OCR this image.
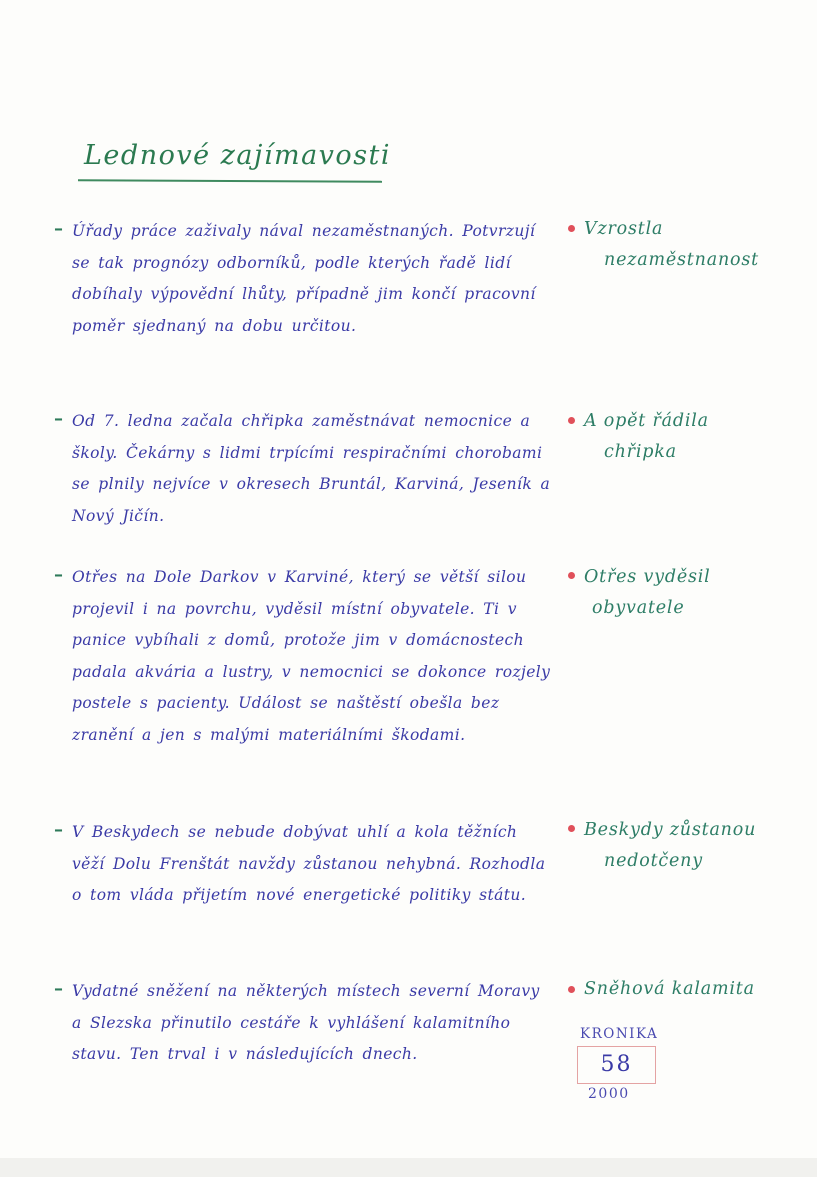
Lednové zajímavosti
– Úřady práce zaživaly nával nezaměstnaných. Potvrzují se tak prognózy odborníků, podle kterých řadě lidí dobíhaly výpovědní lhůty, případně jim končí pracovní poměr sjednaný na dobu určitou.
Vzrostla
nezaměstnanost
– Od 7. ledna začala chřipka zaměstnávat nemocnice a školy. Čekárny s lidmi trpícími respiračními chorobami se plnily nejvíce v okresech Bruntál, Karviná, Jeseník a Nový Jičín.
A opět řádila
chřipka
– Otřes na Dole Darkov v Karviné, který se větší silou projevil i na povrchu, vyděsil místní obyvatele. Ti v panice vybíhali z domů, protože jim v domácnostech padala akvária a lustry, v nemocnici se dokonce rozjely postele s pacienty. Událost se naštěstí obešla bez zranění a jen s malými materiálními škodami.
Otřes vyděsil
obyvatele
– V Beskydech se nebude dobývat uhlí a kola těžních věží Dolu Frenštát navždy zůstanou nehybná. Rozhodla o tom vláda přijetím nové energetické politiky státu.
Beskydy zůstanou
nedotčeny
– Vydatné sněžení na některých místech severní Moravy a Slezska přinutilo cestáře k vyhlášení kalamitního stavu. Ten trval i v následujících dnech.
Sněhová kalamita
KRONIKA
58
2000
